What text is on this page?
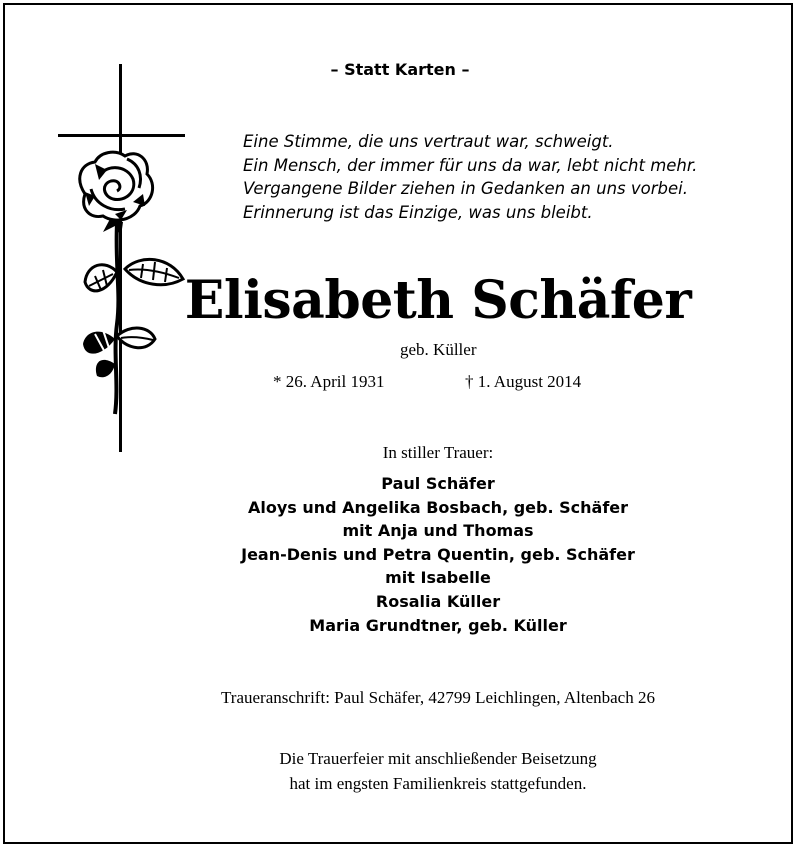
– Statt Karten –
Eine Stimme, die uns vertraut war, schweigt.
Ein Mensch, der immer für uns da war, lebt nicht mehr.
Vergangene Bilder ziehen in Gedanken an uns vorbei.
Erinnerung ist das Einzige, was uns bleibt.
Elisabeth Schäfer
geb. Küller
* 26. April 1931	† 1. August 2014
In stiller Trauer:
Paul Schäfer
Aloys und Angelika Bosbach, geb. Schäfer
mit Anja und Thomas
Jean-Denis und Petra Quentin, geb. Schäfer
mit Isabelle
Rosalia Küller
Maria Grundtner, geb. Küller
Traueranschrift: Paul Schäfer, 42799 Leichlingen, Altenbach 26
Die Trauerfeier mit anschließender Beisetzung
hat im engsten Familienkreis stattgefunden.
